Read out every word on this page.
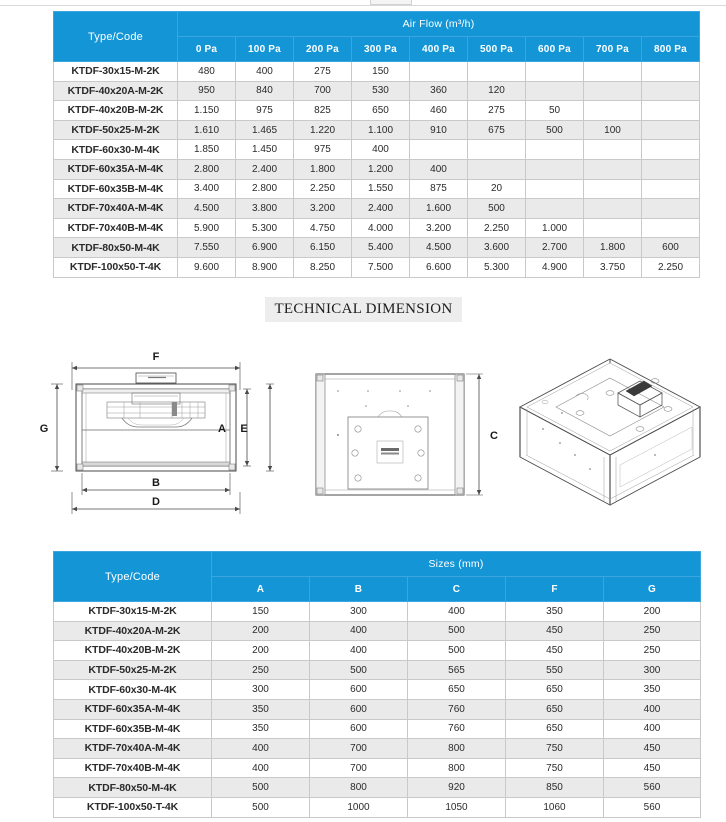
Type/Code	Air Flow (m³/h)								
	0 Pa	100 Pa	200 Pa	300 Pa	400 Pa	500 Pa	600 Pa	700 Pa	800 Pa
KTDF-30x15-M-2K	480	400	275	150					
KTDF-40x20A-M-2K	950	840	700	530	360	120			
KTDF-40x20B-M-2K	1.150	975	825	650	460	275	50		
KTDF-50x25-M-2K	1.610	1.465	1.220	1.100	910	675	500	100	
KTDF-60x30-M-4K	1.850	1.450	975	400					
KTDF-60x35A-M-4K	2.800	2.400	1.800	1.200	400				
KTDF-60x35B-M-4K	3.400	2.800	2.250	1.550	875	20			
KTDF-70x40A-M-4K	4.500	3.800	3.200	2.400	1.600	500			
KTDF-70x40B-M-4K	5.900	5.300	4.750	4.000	3.200	2.250	1.000		
KTDF-80x50-M-4K	7.550	6.900	6.150	5.400	4.500	3.600	2.700	1.800	600
KTDF-100x50-T-4K	9.600	8.900	8.250	7.500	6.600	5.300	4.900	3.750	2.250
TECHNICAL DIMENSION
F
G	A E
B
D
C
Type/Code	Sizes (mm)				
	A	B	C	F	G
KTDF-30x15-M-2K	150	300	400	350	200
KTDF-40x20A-M-2K	200	400	500	450	250
KTDF-40x20B-M-2K	200	400	500	450	250
KTDF-50x25-M-2K	250	500	565	550	300
KTDF-60x30-M-4K	300	600	650	650	350
KTDF-60x35A-M-4K	350	600	760	650	400
KTDF-60x35B-M-4K	350	600	760	650	400
KTDF-70x40A-M-4K	400	700	800	750	450
KTDF-70x40B-M-4K	400	700	800	750	450
KTDF-80x50-M-4K	500	800	920	850	560
KTDF-100x50-T-4K	500	1000	1050	1060	560
